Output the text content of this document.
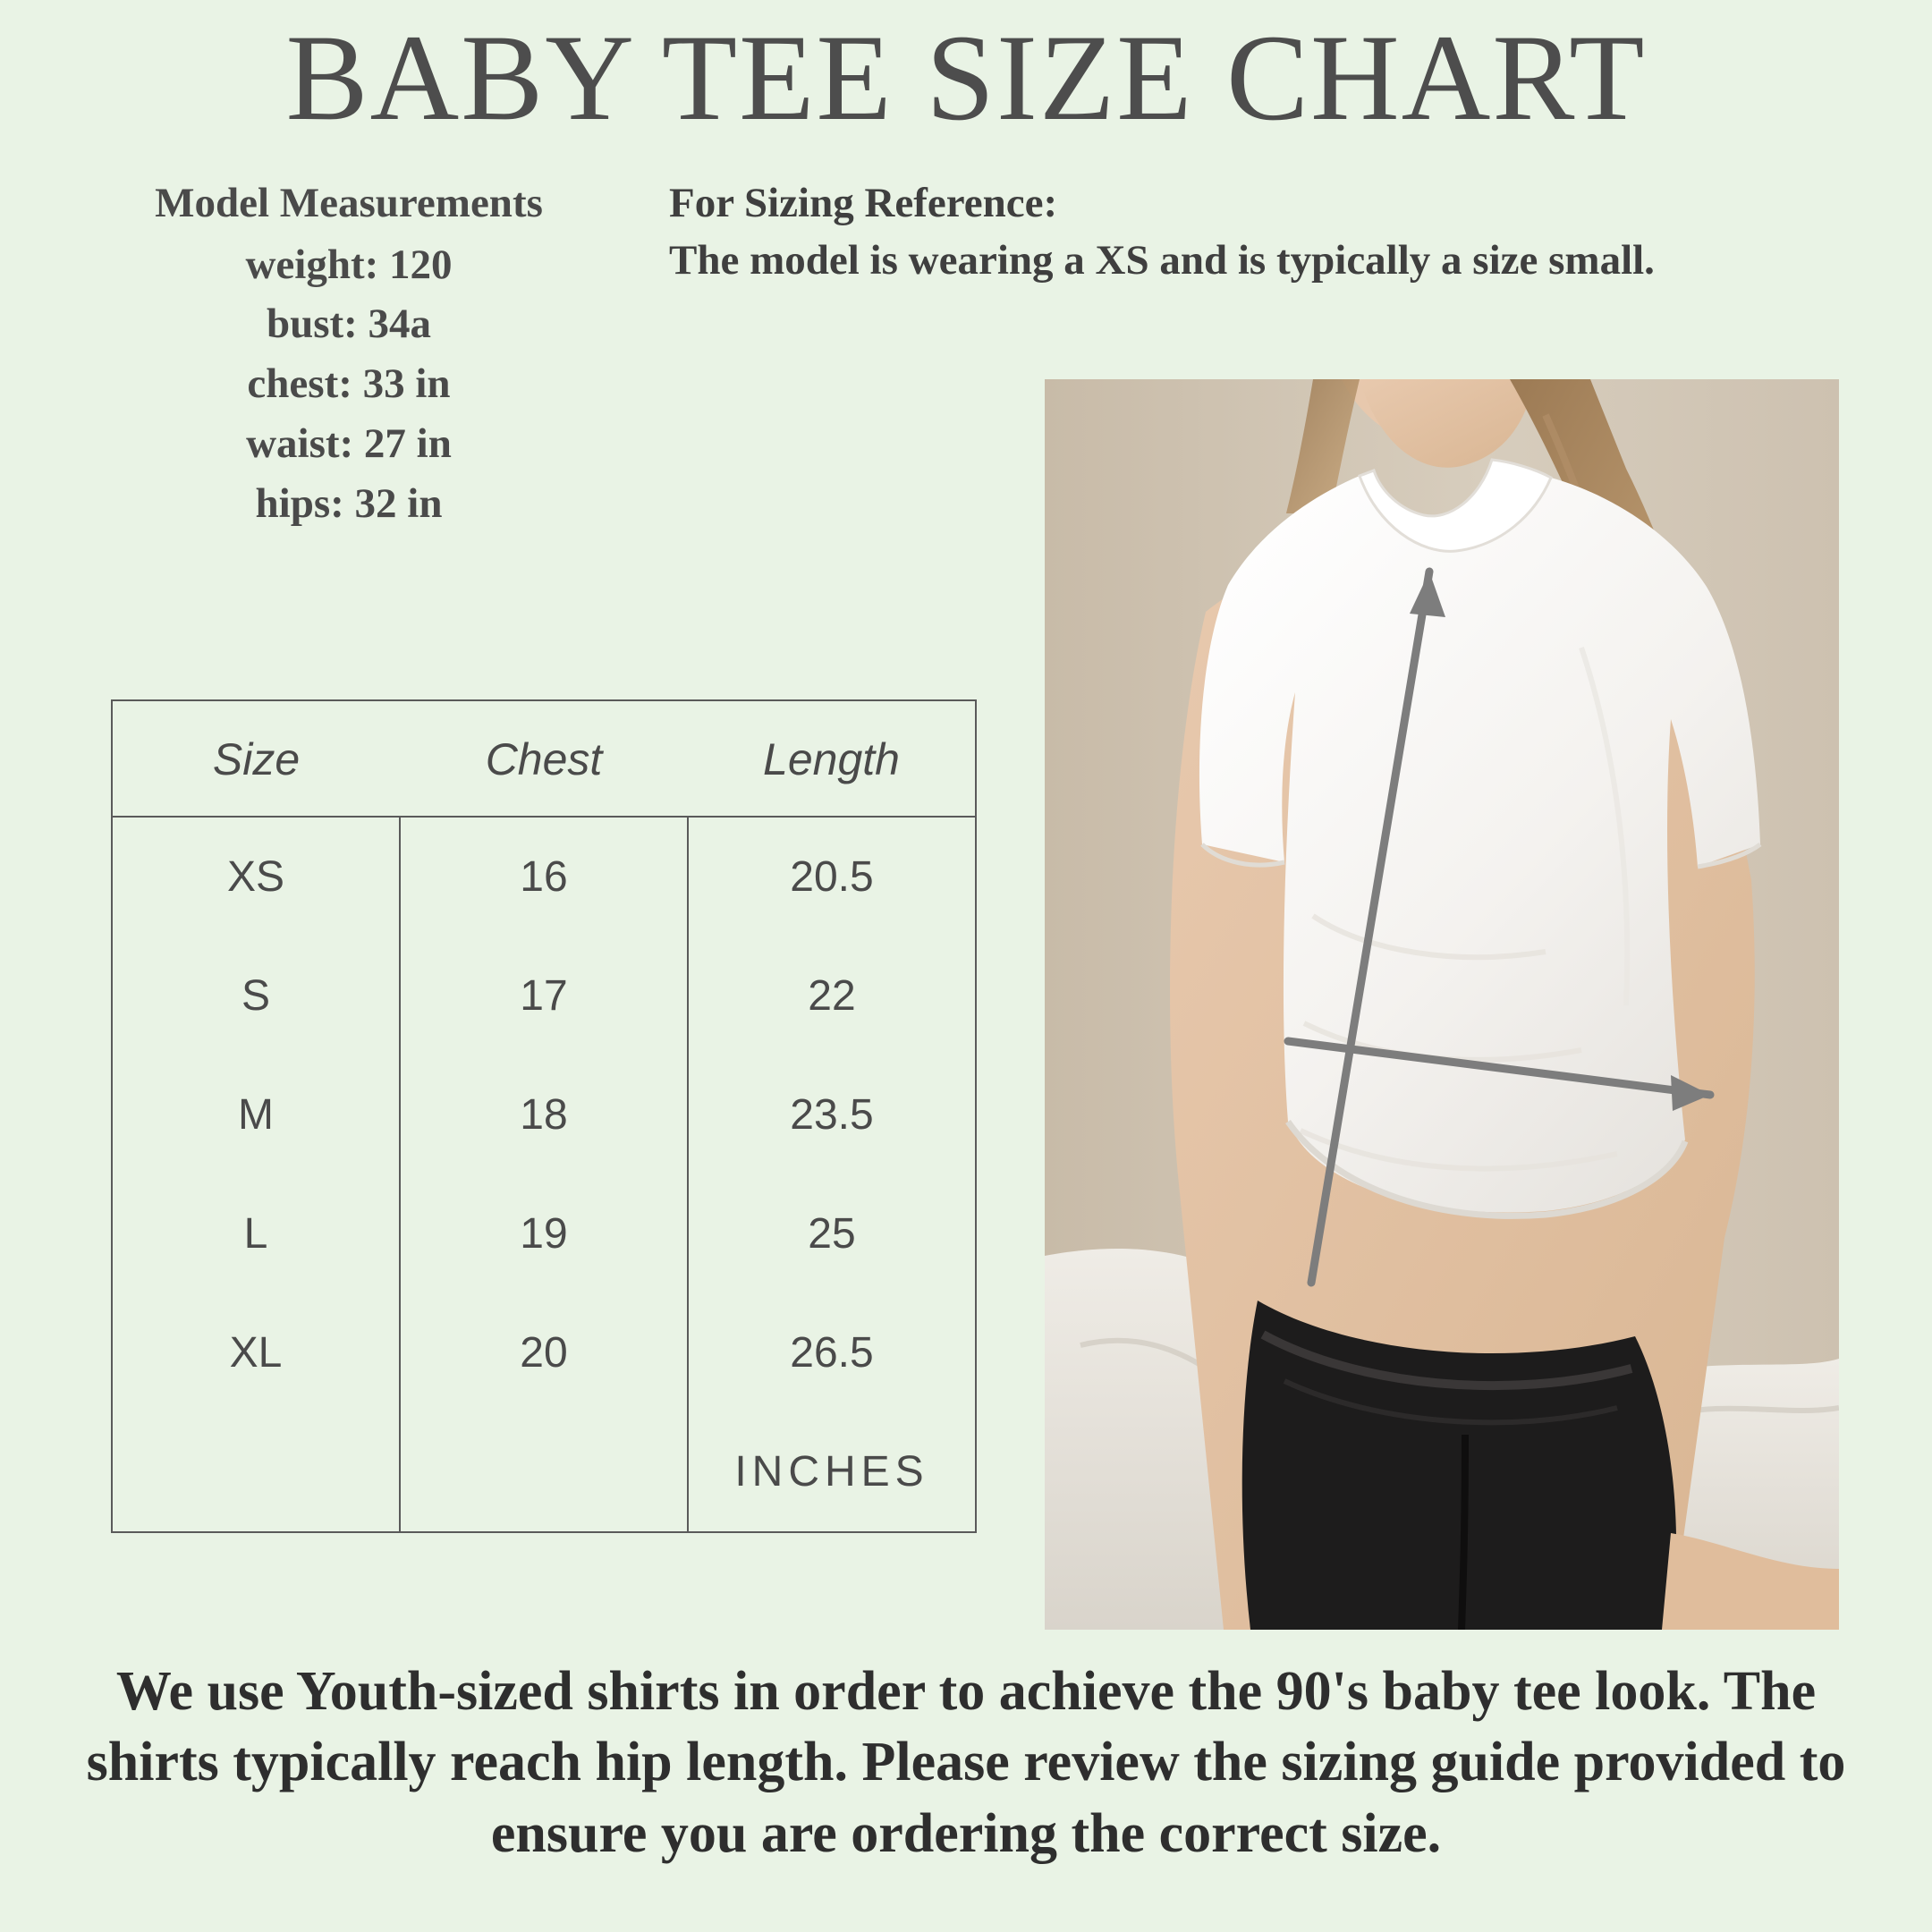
BABY TEE SIZE CHART
Model Measurements
weight: 120
bust: 34a
chest: 33 in
waist: 27 in
hips: 32 in
For Sizing Reference:
The model is wearing a XS and is typically a size small.
Size	Chest	Length
XS	16	20.5
S	17	22
M	18	23.5
L	19	25
XL	20	26.5
		INCHES
We use Youth-sized shirts in order to achieve the 90's baby tee look. The shirts typically reach hip length. Please review the sizing guide provided to ensure you are ordering the correct size.
